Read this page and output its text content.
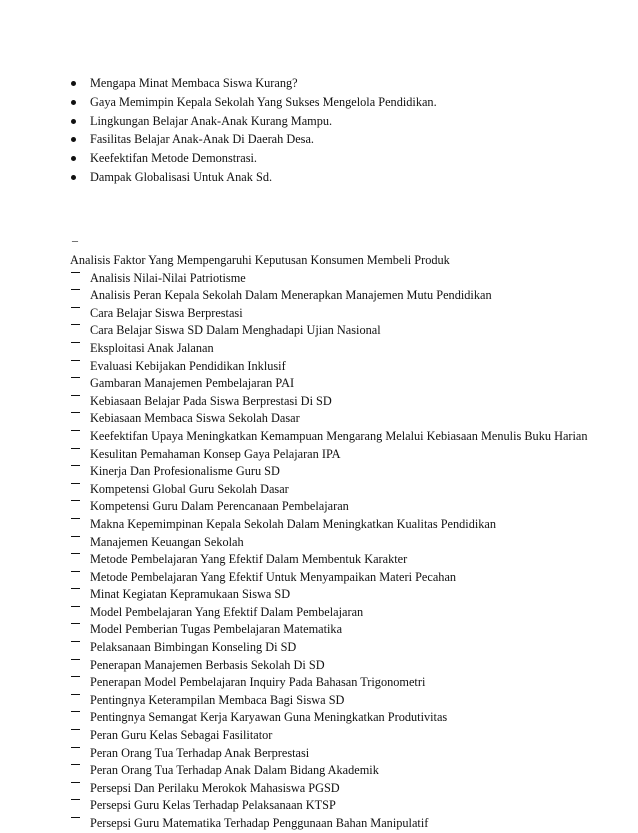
Mengapa Minat Membaca Siswa Kurang?
Gaya Memimpin Kepala Sekolah Yang Sukses Mengelola Pendidikan.
Lingkungan Belajar Anak-Anak Kurang Mampu.
Fasilitas Belajar Anak-Anak Di Daerah Desa.
Keefektifan Metode Demonstrasi.
Dampak Globalisasi Untuk Anak Sd.
–
Analisis Faktor Yang Mempengaruhi Keputusan Konsumen Membeli Produk
Analisis Nilai-Nilai Patriotisme
Analisis Peran Kepala Sekolah Dalam Menerapkan Manajemen Mutu Pendidikan
Cara Belajar Siswa Berprestasi
Cara Belajar Siswa SD Dalam Menghadapi Ujian Nasional
Eksploitasi Anak Jalanan
Evaluasi Kebijakan Pendidikan Inklusif
Gambaran Manajemen Pembelajaran PAI
Kebiasaan Belajar Pada Siswa Berprestasi Di SD
Kebiasaan Membaca Siswa Sekolah Dasar
Keefektifan Upaya Meningkatkan Kemampuan Mengarang Melalui Kebiasaan Menulis Buku Harian
Kesulitan Pemahaman Konsep Gaya Pelajaran IPA
Kinerja Dan Profesionalisme Guru SD
Kompetensi Global Guru Sekolah Dasar
Kompetensi Guru Dalam Perencanaan Pembelajaran
Makna Kepemimpinan Kepala Sekolah Dalam Meningkatkan Kualitas Pendidikan
Manajemen Keuangan Sekolah
Metode Pembelajaran Yang Efektif Dalam Membentuk Karakter
Metode Pembelajaran Yang Efektif Untuk Menyampaikan Materi Pecahan
Minat Kegiatan Kepramukaan Siswa SD
Model Pembelajaran Yang Efektif Dalam Pembelajaran
Model Pemberian Tugas Pembelajaran Matematika
Pelaksanaan Bimbingan Konseling Di SD
Penerapan Manajemen Berbasis Sekolah Di SD
Penerapan Model Pembelajaran Inquiry Pada Bahasan Trigonometri
Pentingnya Keterampilan Membaca Bagi Siswa SD
Pentingnya Semangat Kerja Karyawan Guna Meningkatkan Produtivitas
Peran Guru Kelas Sebagai Fasilitator
Peran Orang Tua Terhadap Anak Berprestasi
Peran Orang Tua Terhadap Anak Dalam Bidang Akademik
Persepsi Dan Perilaku Merokok Mahasiswa PGSD
Persepsi Guru Kelas Terhadap Pelaksanaan KTSP
Persepsi Guru Matematika Terhadap Penggunaan Bahan Manipulatif
